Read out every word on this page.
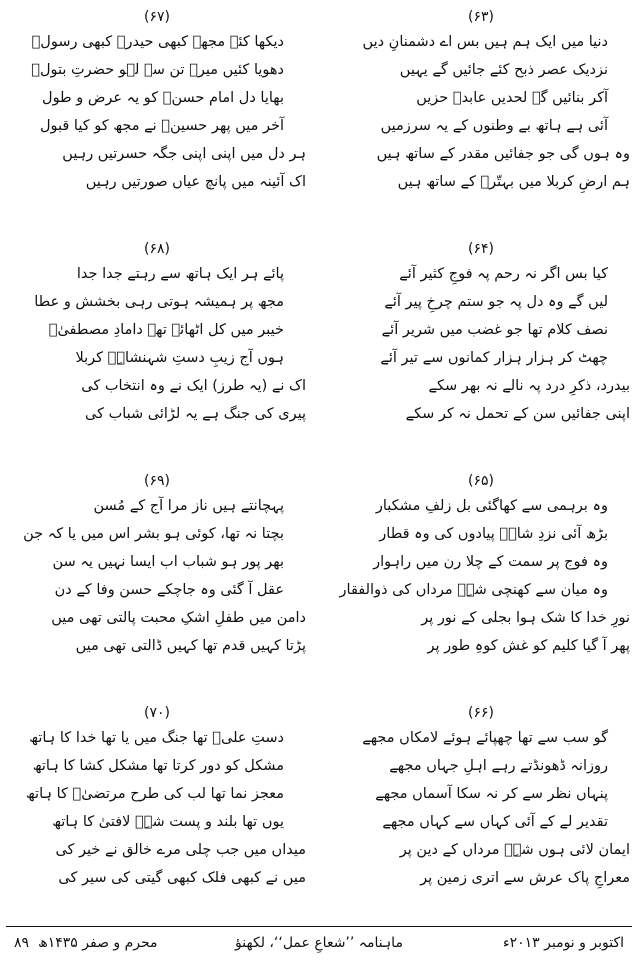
(۶۳)
دنیا میں ایک ہم ہیں بس اے دشمنانِ دیں
نزدیک عصر ذبح کئے جائیں گے یہیں
آکر بنائیں گے لحدیں عابدؑ حزیں
آئی ہے ہاتھ بے وطنوں کے یہ سرزمیں
وہ ہوں گی جو جفائیں مقدر کے ساتھ ہیں
ہم ارضِ کربلا میں بہتّرؑ کے ساتھ ہیں
(۶۴)
کیا بس اگر نہ رحم پہ فوجِ کثیر آئے
لیں گے وہ دل پہ جو ستم چرخِ پیر آئے
نصف کلام تھا جو غضب میں شریر آئے
چھٹ کر ہزار ہزار کمانوں سے تیر آئے
بیدرد، ذکرِ درد پہ نالے نہ بھر سکے
اپنی جفائیں سن کے تحمل نہ کر سکے
(۶۵)
وہ برہمی سے کھاگئی بل زلفِ مشکبار
بڑھ آئی نزدِ شاہؑ پیادوں کی وہ قطار
وہ فوج پر سمت کے چلا رن میں راہوار
وہ میان سے کھنچی شہِؑ مرداں کی ذوالفقار
نورِ خدا کا شک ہوا بجلی کے نور پر
پھر آ گیا کلیم کو غش کوہِ طور پر
(۶۶)
گو سب سے تھا چھپائے ہوئے لامکاں مجھے
روزانہ ڈھونڈتے رہے اہلِ جہاں مجھے
پنہاں نظر سے کر نہ سکا آسماں مجھے
تقدیر لے کے آئی کہاں سے کہاں مجھے
ایمان لائی ہوں شہِؑ مرداں کے دین پر
معراجِ پاک عرش سے اتری زمین پر
(۶۷)
دیکھا کئے مجھے کبھی حیدرؑ کبھی رسولؐ
دھویا کئیں میرے تن سے لہو حضرتِ بتولؑ
بھایا دل امام حسنؑ کو یہ عرض و طول
آخر میں پھر حسینؑ نے مجھ کو کیا قبول
ہر دل میں اپنی اپنی جگہ حسرتیں رہیں
اک آئینہ میں پانچ عیاں صورتیں رہیں
(۶۸)
پائے ہر ایک ہاتھ سے رہتے جدا جدا
مجھ پر ہمیشہ ہوتی رہی بخشش و عطا
خیبر میں کل اٹھائے تھے دامادِ مصطفیٰؐ
ہوں آج زیبِ دستِ شہنشاہِؑ کربلا
اک نے (یہ طرز) ایک نے وہ انتخاب کی
پیری کی جنگ ہے یہ لڑائی شباب کی
(۶۹)
پہچانتے ہیں ناز مرا آج کے مُسن
بچتا نہ تھا، کوئی ہو بشر اس میں یا کہ جن
بھر پور ہو شباب اب ایسا نہیں یہ سن
عقل آ گئی وہ جاچکے حسن وفا کے دن
دامن میں طفلِ اشکِ محبت پالتی تھی میں
پڑتا کہیں قدم تھا کہیں ڈالتی تھی میں
(۷۰)
دستِ علیؑ تھا جنگ میں یا تھا خدا کا ہاتھ
مشکل کو دور کرتا تھا مشکل کشا کا ہاتھ
معجز نما تھا لب کی طرح مرتضیٰؑ کا ہاتھ
یوں تھا بلند و پست شہِؑ لافتیٰ کا ہاتھ
میداں میں جب چلی مرے خالق نے خیر کی
میں نے کبھی فلک کبھی گیتی کی سیر کی
اکتوبر و نومبر ۲۰۱۳ء
ماہنامہ ’’شعاعِ عمل‘‘، لکھنؤ
محرم و صفر ۱۴۳۵ھ  ۸۹
